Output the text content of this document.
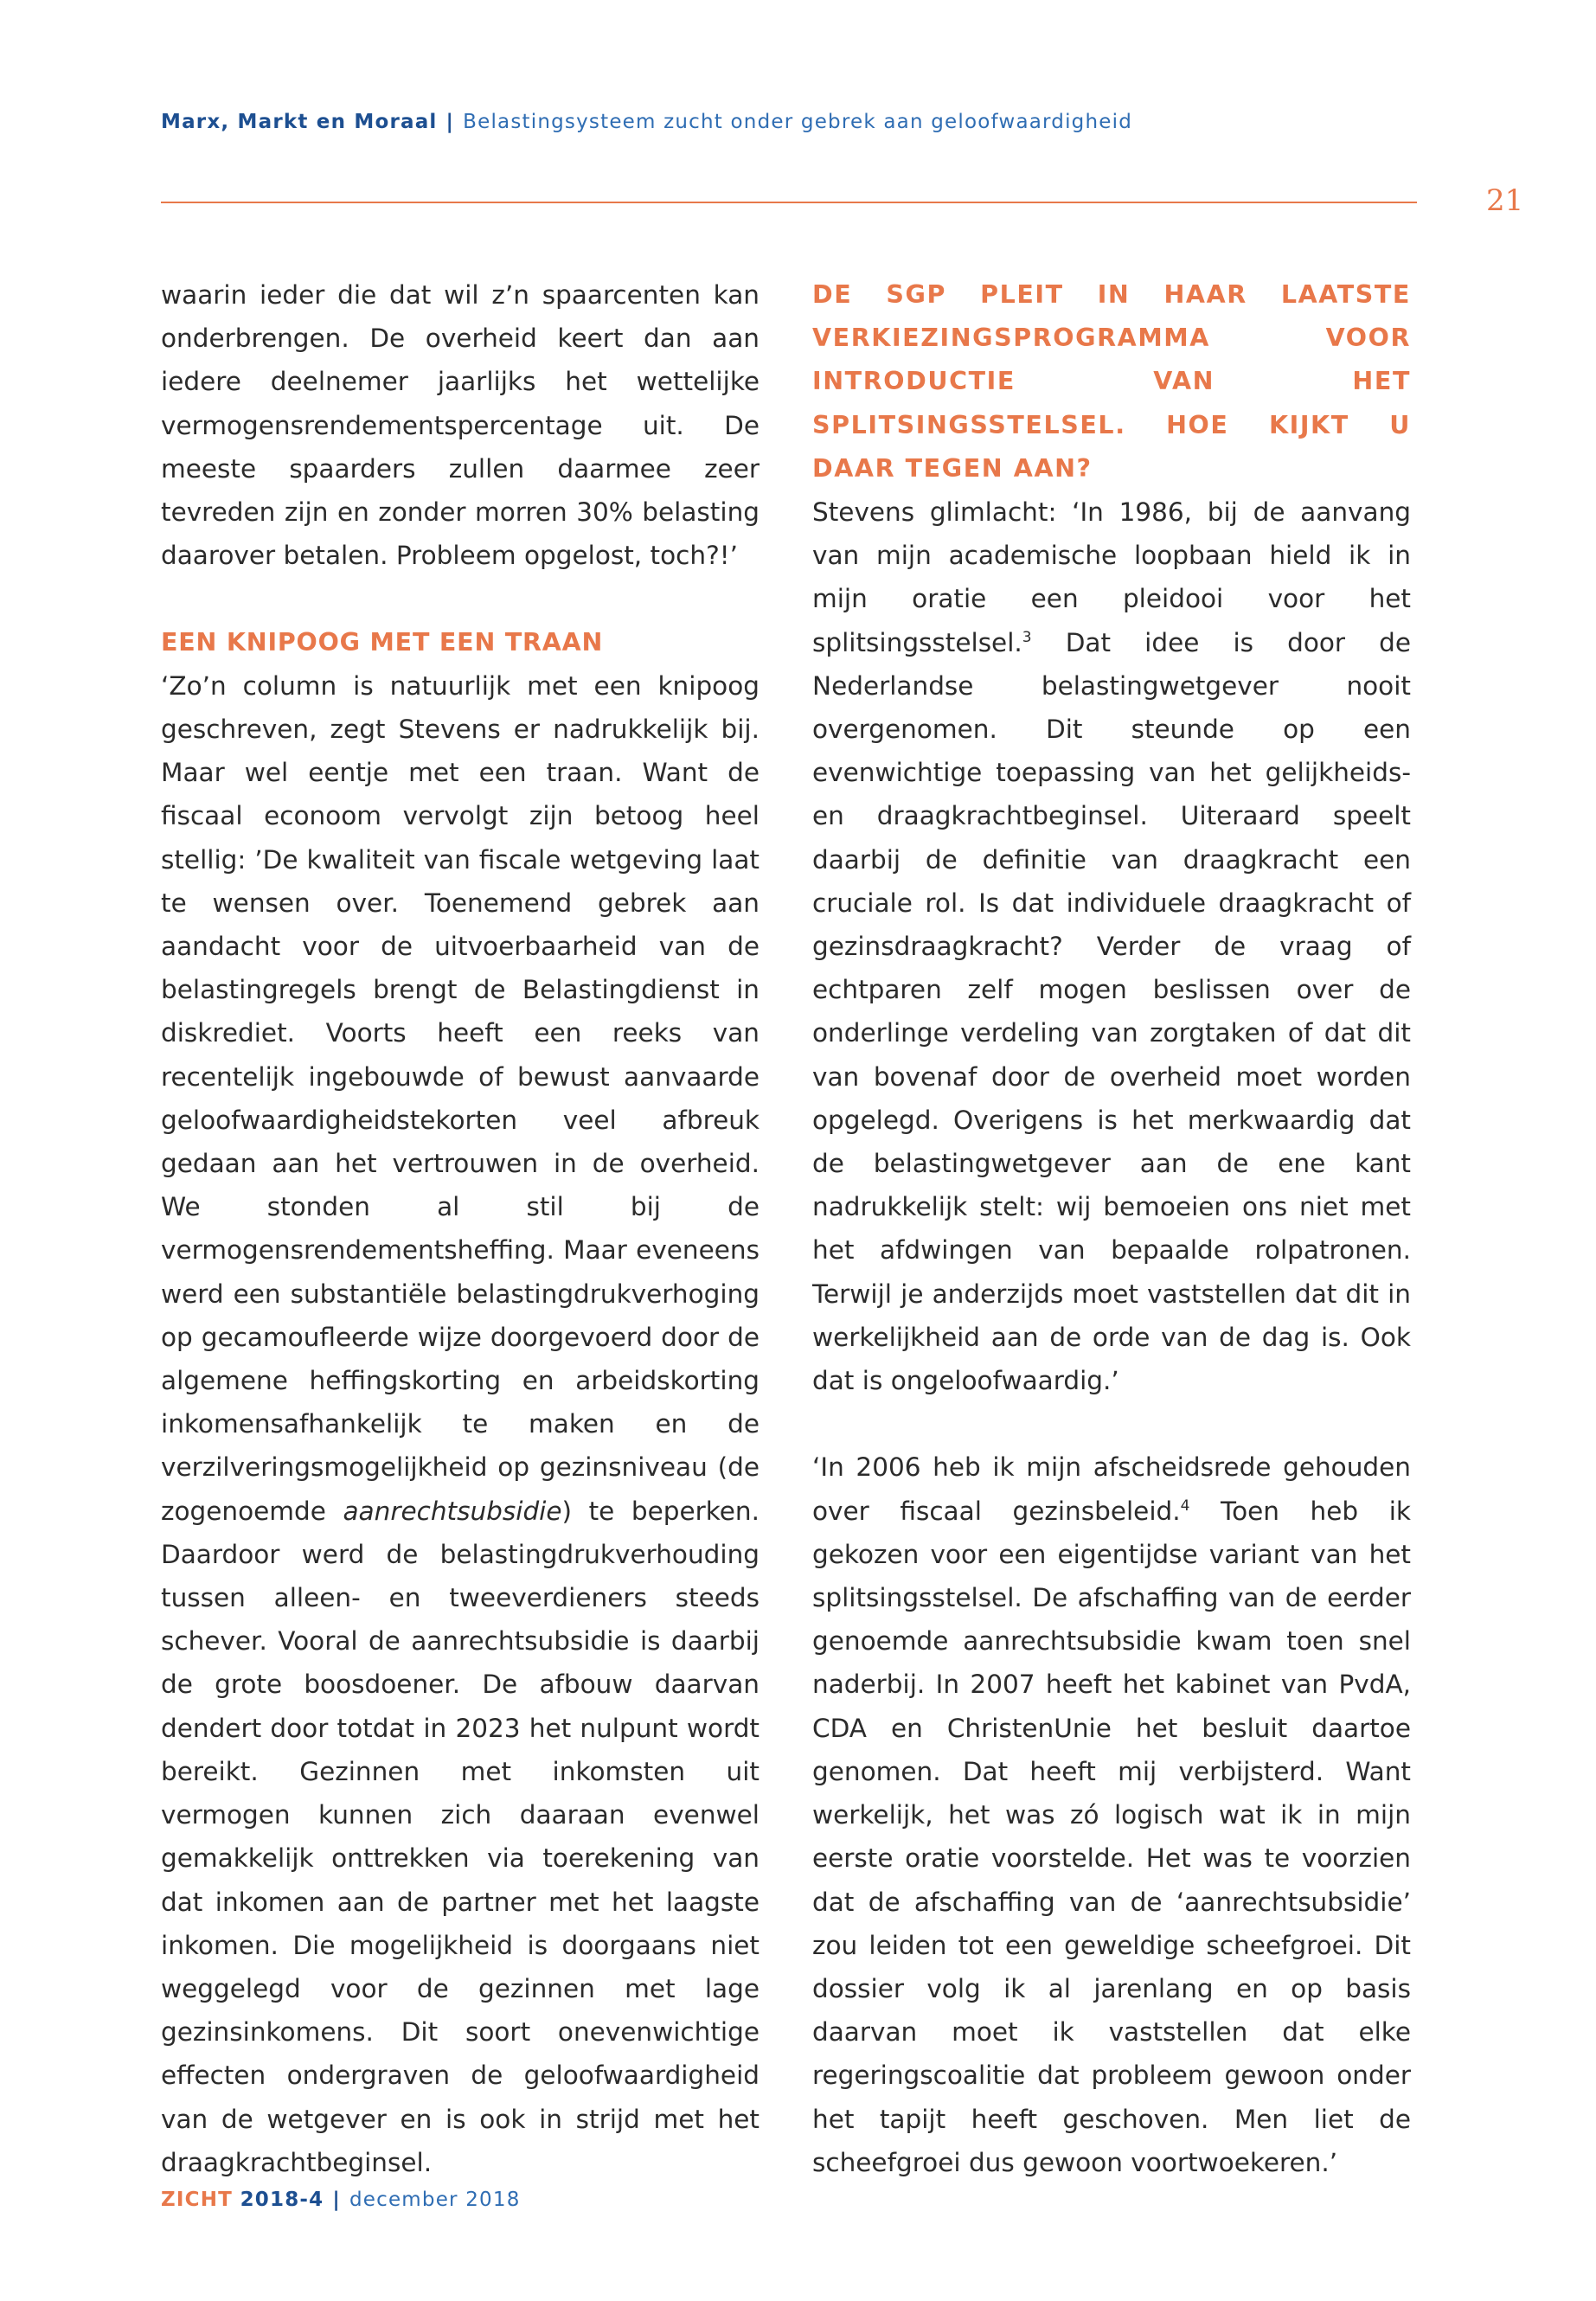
Marx, Markt en Moraal | Belastingsysteem zucht onder gebrek aan geloofwaardigheid
21

waarin ieder die dat wil z’n spaarcenten kan onderbrengen. De overheid keert dan aan iedere deelnemer jaarlijks het wettelijke vermogensrendementspercentage uit. De meeste spaarders zullen daarmee zeer tevreden zijn en zonder morren 30% belasting daarover betalen. Probleem opgelost, toch?!’

EEN KNIPOOG MET EEN TRAAN

‘Zo’n column is natuurlijk met een knipoog geschreven, zegt Stevens er nadrukkelijk bij. Maar wel eentje met een traan. Want de fiscaal econoom vervolgt zijn betoog heel stellig: ’De kwaliteit van fiscale wetgeving laat te wensen over. Toenemend gebrek aan aandacht voor de uitvoerbaarheid van de belastingregels brengt de Belastingdienst in diskrediet. Voorts heeft een reeks van recentelijk ingebouwde of bewust aanvaarde geloofwaardigheidstekorten veel afbreuk gedaan aan het vertrouwen in de overheid. We stonden al stil bij de vermogensrendementsheffing. Maar eveneens werd een substantiële belastingdrukverhoging op gecamoufleerde wijze doorgevoerd door de algemene heffingskorting en arbeidskorting inkomensafhankelijk te maken en de verzilveringsmogelijkheid op gezinsniveau (de zogenoemde aanrechtsubsidie) te beperken. Daardoor werd de belastingdrukverhouding tussen alleen- en tweeverdieners steeds schever. Vooral de aanrechtsubsidie is daarbij de grote boosdoener. De afbouw daarvan dendert door totdat in 2023 het nulpunt wordt bereikt. Gezinnen met inkomsten uit vermogen kunnen zich daaraan evenwel gemakkelijk onttrekken via toerekening van dat inkomen aan de partner met het laagste inkomen. Die mogelijkheid is doorgaans niet weggelegd voor de gezinnen met lage gezinsinkomens. Dit soort onevenwichtige effecten ondergraven de geloofwaardigheid van de wetgever en is ook in strijd met het draagkrachtbeginsel.

DE SGP PLEIT IN HAAR LAATSTE VERKIEZINGSPROGRAMMA VOOR INTRODUCTIE VAN HET SPLITSINGSSTELSEL. HOE KIJKT U DAAR TEGEN AAN?

Stevens glimlacht: ‘In 1986, bij de aanvang van mijn academische loopbaan hield ik in mijn oratie een pleidooi voor het splitsingsstelsel.$^3$ Dat idee is door de Nederlandse belastingwetgever nooit overgenomen. Dit steunde op een evenwichtige toepassing van het gelijkheids- en draagkrachtbeginsel. Uiteraard speelt daarbij de definitie van draagkracht een cruciale rol. Is dat individuele draagkracht of gezinsdraagkracht? Verder de vraag of echtparen zelf mogen beslissen over de onderlinge verdeling van zorgtaken of dat dit van bovenaf door de overheid moet worden opgelegd. Overigens is het merkwaardig dat de belastingwetgever aan de ene kant nadrukkelijk stelt: wij bemoeien ons niet met het afdwingen van bepaalde rolpatronen. Terwijl je anderzijds moet vaststellen dat dit in werkelijkheid aan de orde van de dag is. Ook dat is ongeloofwaardig.’

‘In 2006 heb ik mijn afscheidsrede gehouden over fiscaal gezinsbeleid.$^4$ Toen heb ik gekozen voor een eigentijdse variant van het splitsingsstelsel. De afschaffing van de eerder genoemde aanrechtsubsidie kwam toen snel naderbij. In 2007 heeft het kabinet van PvdA, CDA en ChristenUnie het besluit daartoe genomen. Dat heeft mij verbijsterd. Want werkelijk, het was zó logisch wat ik in mijn eerste oratie voorstelde. Het was te voorzien dat de afschaffing van de ‘aanrechtsubsidie’ zou leiden tot een geweldige scheefgroei. Dit dossier volg ik al jarenlang en op basis daarvan moet ik vaststellen dat elke regeringscoalitie dat probleem gewoon onder het tapijt heeft geschoven. Men liet de scheefgroei dus gewoon voortwoekeren.’

ZICHT 2018-4 | december 2018
